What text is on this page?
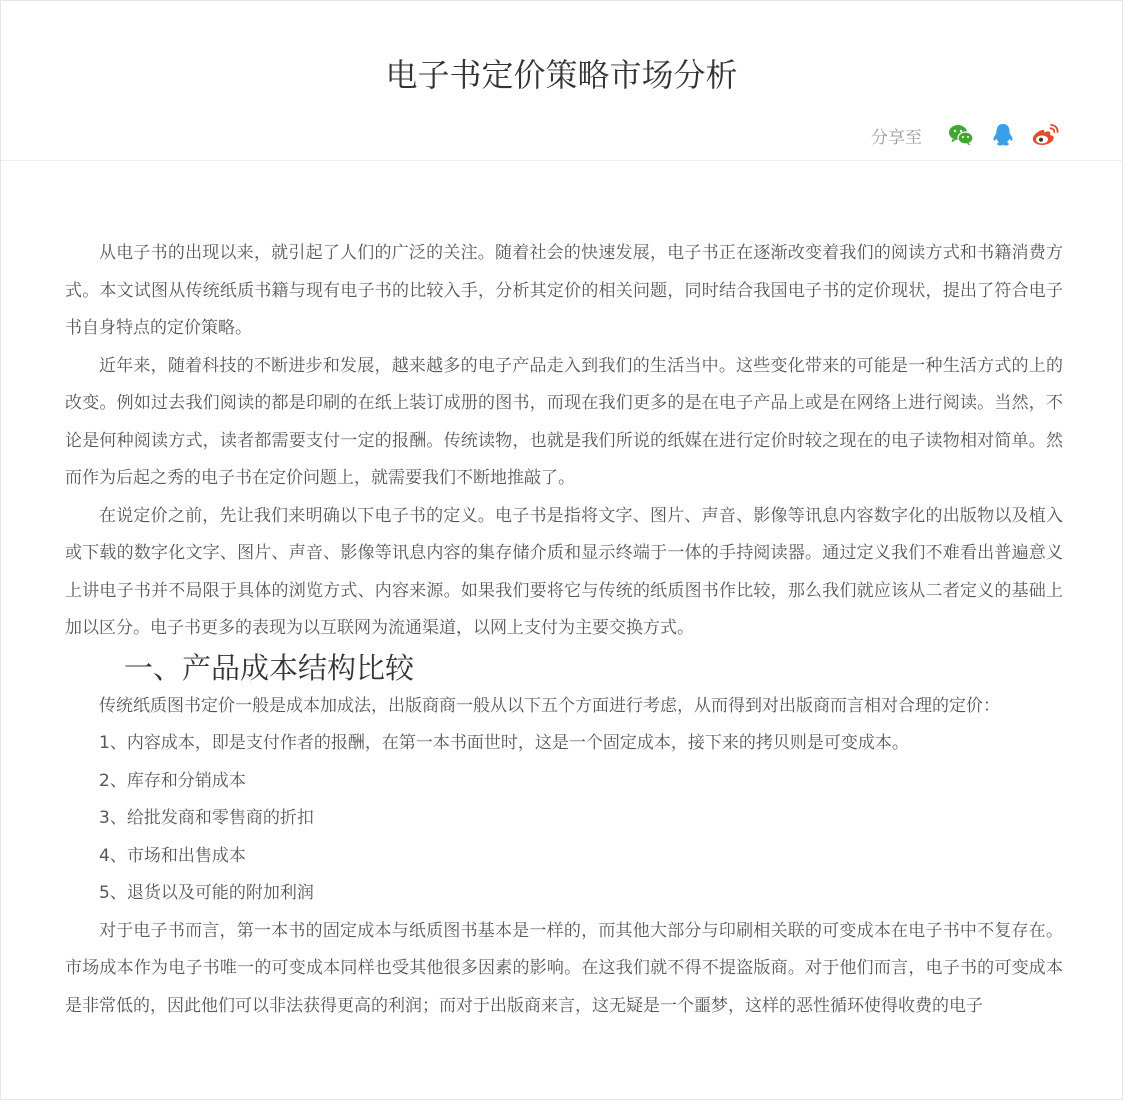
电子书定价策略市场分析
分享至

从电子书的出现以来，就引起了人们的广泛的关注。随着社会的快速发展，电子书正在逐渐改变着我们的阅读方式和书籍消费方式。本文试图从传统纸质书籍与现有电子书的比较入手，分析其定价的相关问题，同时结合我国电子书的定价现状，提出了符合电子书自身特点的定价策略。

近年来，随着科技的不断进步和发展，越来越多的电子产品走入到我们的生活当中。这些变化带来的可能是一种生活方式的上的改变。例如过去我们阅读的都是印刷的在纸上装订成册的图书，而现在我们更多的是在电子产品上或是在网络上进行阅读。当然，不论是何种阅读方式，读者都需要支付一定的报酬。传统读物，也就是我们所说的纸媒在进行定价时较之现在的电子读物相对简单。然而作为后起之秀的电子书在定价问题上，就需要我们不断地推敲了。

在说定价之前，先让我们来明确以下电子书的定义。电子书是指将文字、图片、声音、影像等讯息内容数字化的出版物以及植入或下载的数字化文字、图片、声音、影像等讯息内容的集存储介质和显示终端于一体的手持阅读器。通过定义我们不难看出普遍意义上讲电子书并不局限于具体的浏览方式、内容来源。如果我们要将它与传统的纸质图书作比较，那么我们就应该从二者定义的基础上加以区分。电子书更多的表现为以互联网为流通渠道，以网上支付为主要交换方式。

一、产品成本结构比较

传统纸质图书定价一般是成本加成法，出版商商一般从以下五个方面进行考虑，从而得到对出版商而言相对合理的定价：

1、内容成本，即是支付作者的报酬，在第一本书面世时，这是一个固定成本，接下来的拷贝则是可变成本。

2、库存和分销成本

3、给批发商和零售商的折扣

4、市场和出售成本

5、退货以及可能的附加利润

对于电子书而言，第一本书的固定成本与纸质图书基本是一样的，而其他大部分与印刷相关联的可变成本在电子书中不复存在。市场成本作为电子书唯一的可变成本同样也受其他很多因素的影响。在这我们就不得不提盗版商。对于他们而言，电子书的可变成本是非常低的，因此他们可以非法获得更高的利润；而对于出版商来言，这无疑是一个噩梦，这样的恶性循环使得收费的电子
